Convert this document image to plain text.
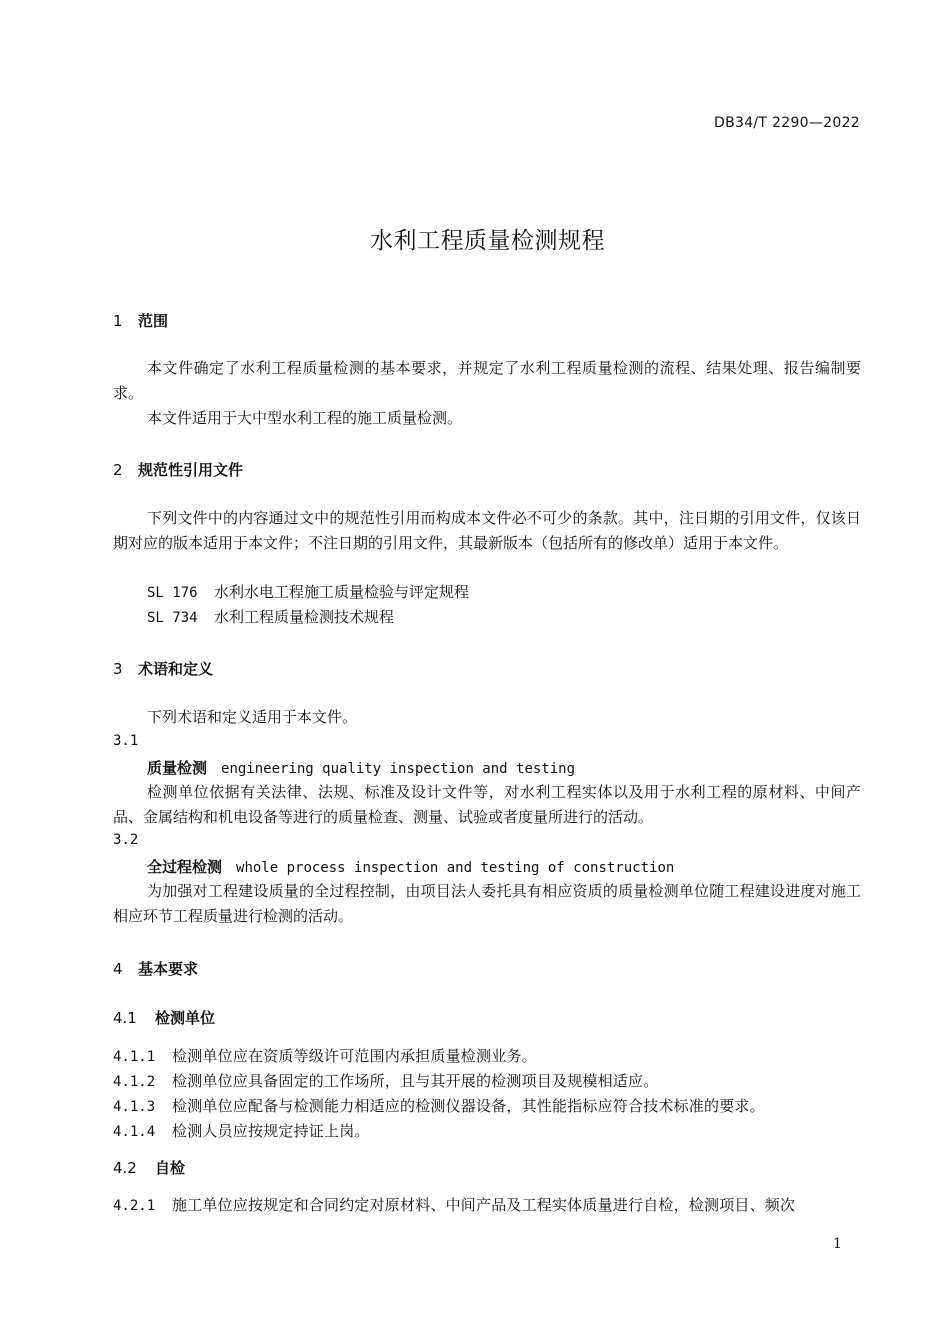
DB34/T 2290—2022
水利工程质量检测规程
1 范围
本文件确定了水利工程质量检测的基本要求，并规定了水利工程质量检测的流程、结果处理、报告编制要求。
本文件适用于大中型水利工程的施工质量检测。
2 规范性引用文件
下列文件中的内容通过文中的规范性引用而构成本文件必不可少的条款。其中，注日期的引用文件，仅该日期对应的版本适用于本文件；不注日期的引用文件，其最新版本（包括所有的修改单）适用于本文件。
SL 176 水利水电工程施工质量检验与评定规程
SL 734 水利工程质量检测技术规程
3 术语和定义
下列术语和定义适用于本文件。
3.1
质量检测 engineering quality inspection and testing
检测单位依据有关法律、法规、标准及设计文件等，对水利工程实体以及用于水利工程的原材料、中间产品、金属结构和机电设备等进行的质量检查、测量、试验或者度量所进行的活动。
3.2
全过程检测 whole process inspection and testing of construction
为加强对工程建设质量的全过程控制，由项目法人委托具有相应资质的质量检测单位随工程建设进度对施工相应环节工程质量进行检测的活动。
4 基本要求
4.1 检测单位
4.1.1 检测单位应在资质等级许可范围内承担质量检测业务。
4.1.2 检测单位应具备固定的工作场所，且与其开展的检测项目及规模相适应。
4.1.3 检测单位应配备与检测能力相适应的检测仪器设备，其性能指标应符合技术标准的要求。
4.1.4 检测人员应按规定持证上岗。
4.2 自检
4.2.1 施工单位应按规定和合同约定对原材料、中间产品及工程实体质量进行自检，检测项目、频次
1
